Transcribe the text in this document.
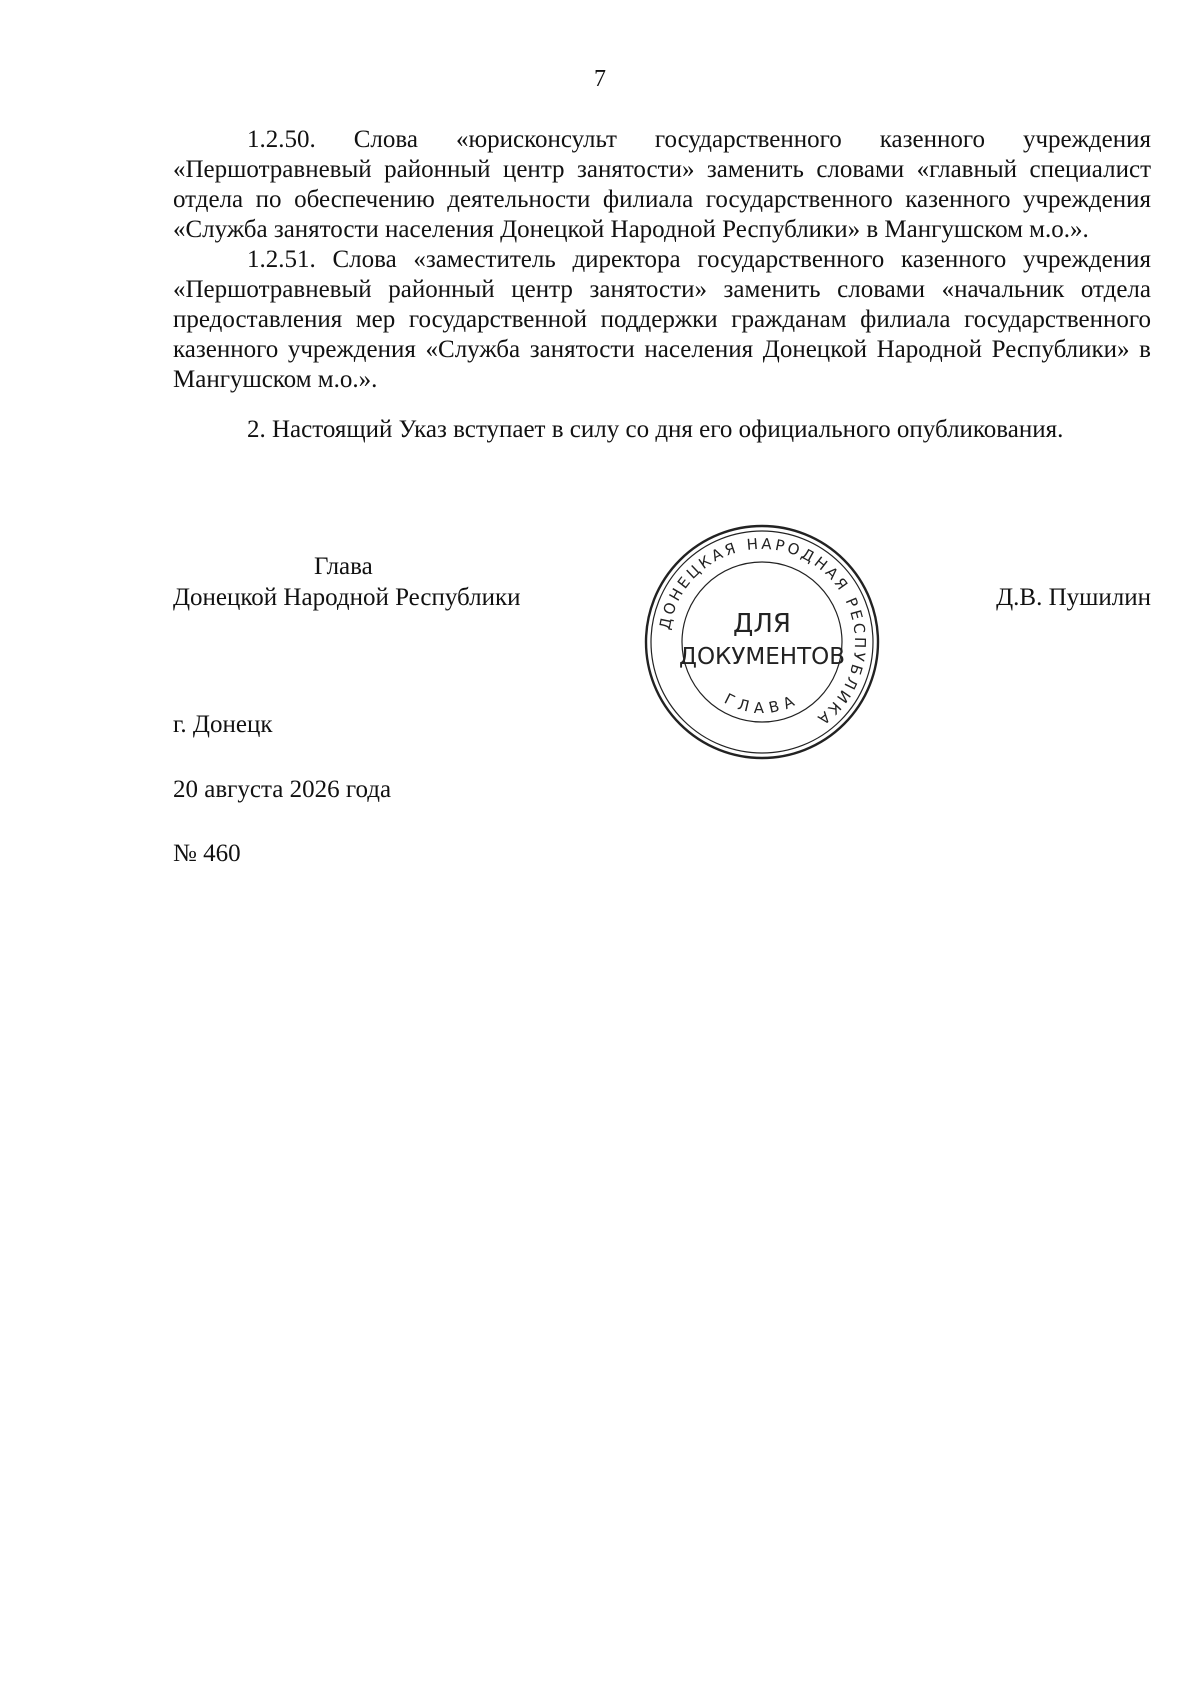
7

1.2.50. Слова «юрисконсульт государственного казенного учреждения «Першотравневый районный центр занятости» заменить словами «главный специалист отдела по обеспечению деятельности филиала государственного казенного учреждения «Служба занятости населения Донецкой Народной Республики» в Мангушском м.о.».

1.2.51. Слова «заместитель директора государственного казенного учреждения «Першотравневый районный центр занятости» заменить словами «начальник отдела предоставления мер государственной поддержки гражданам филиала государственного казенного учреждения «Служба занятости населения Донецкой Народной Республики» в Мангушском м.о.».

2. Настоящий Указ вступает в силу со дня его официального опубликования.

Глава
Донецкой Народной Республики	Д.В. Пушилин
ДОНЕЦКАЯ НАРОДНАЯ РЕСПУБЛИКА
ГЛАВА
ДЛЯ
ДОКУМЕНТОВ
г. Донецк
20 августа 2026 года
№ 460
